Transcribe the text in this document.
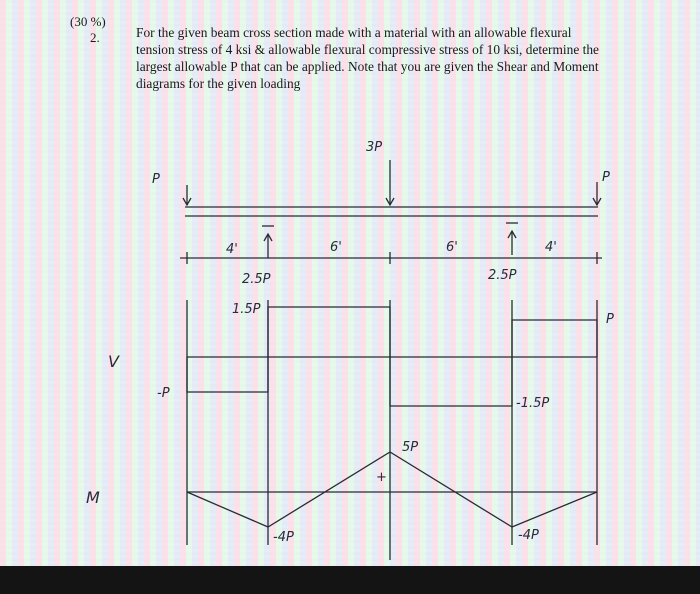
(30 %)
2.	For the given beam cross section made with a material with an allowable flexural tension stress of 4 ksi & allowable flexural compressive stress of 10 ksi, determine the largest allowable P that can be applied. Note that you are given the Shear and Moment diagrams for the given loading
P
3P
P
4'	6'	6'	4'
2.5P	2.5P
V
-P
1.5P
-1.5P
P
M
-4P
5P
+
-4P
